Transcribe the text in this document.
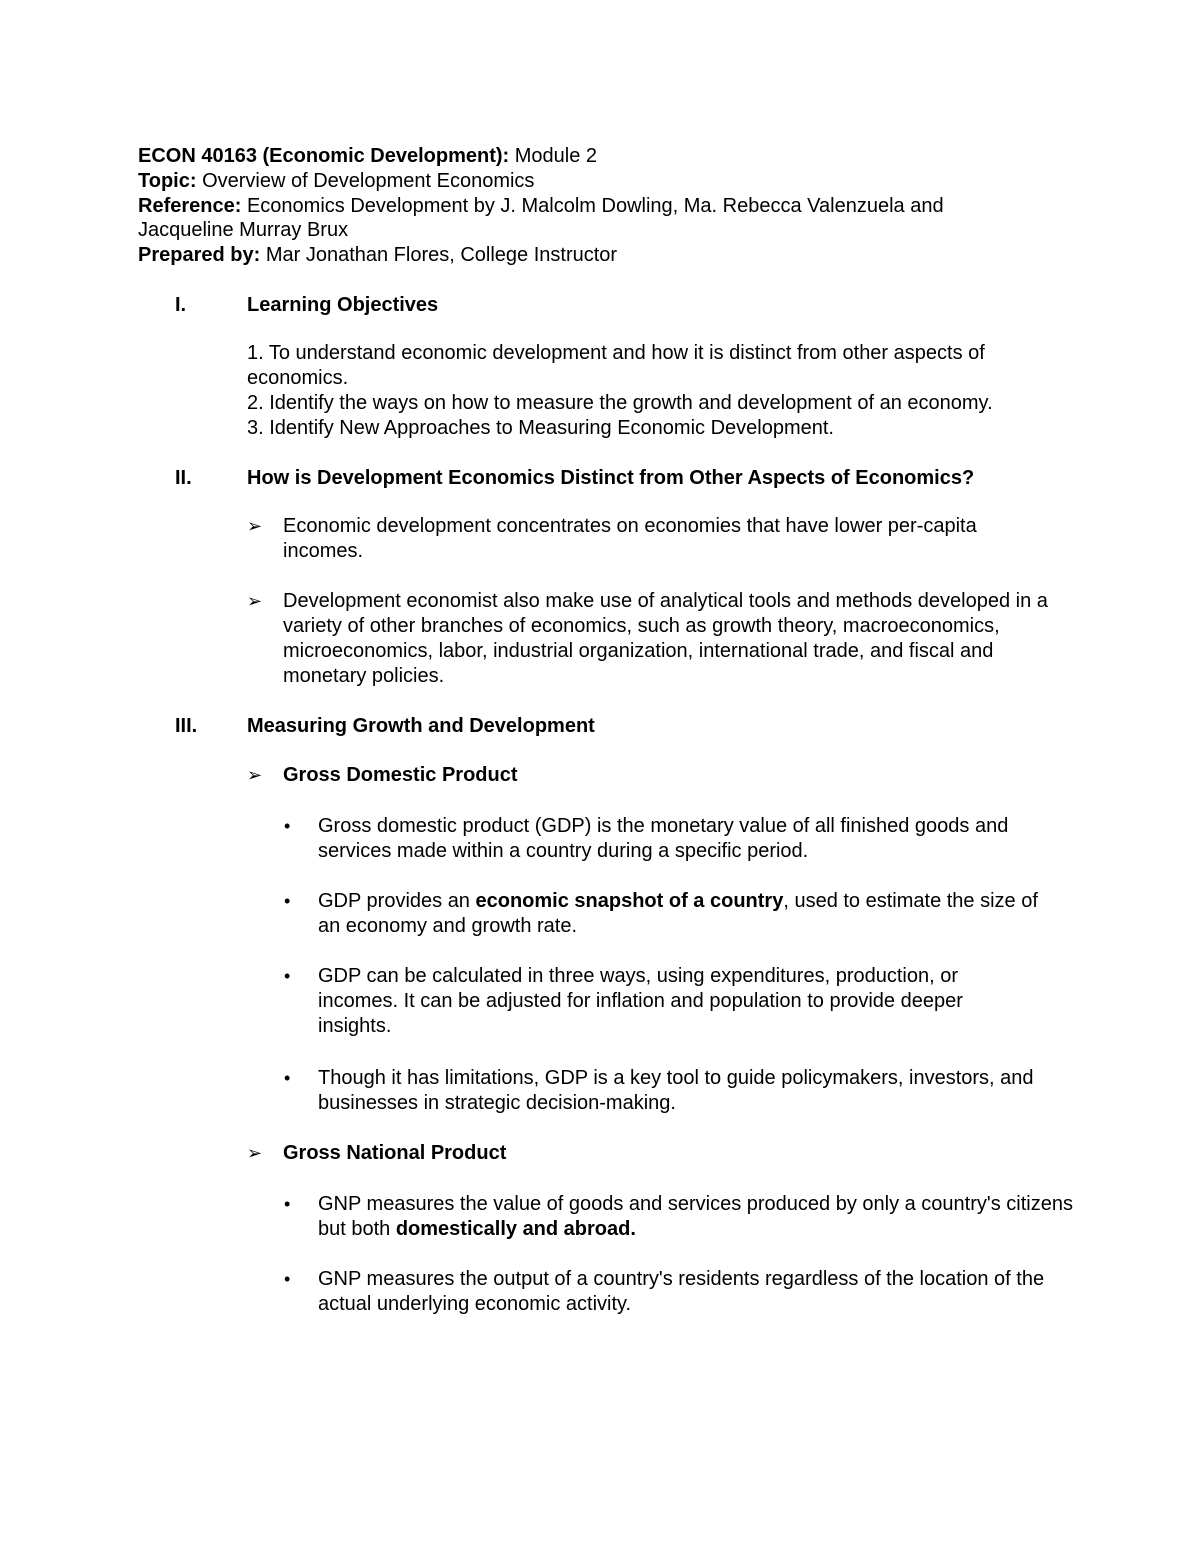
ECON 40163 (Economic Development): Module 2
Topic: Overview of Development Economics
Reference: Economics Development by J. Malcolm Dowling, Ma. Rebecca Valenzuela and
Jacqueline Murray Brux
Prepared by: Mar Jonathan Flores, College Instructor
I.	Learning Objectives
1. To understand economic development and how it is distinct from other aspects of economics.
2. Identify the ways on how to measure the growth and development of an economy.
3. Identify New Approaches to Measuring Economic Development.
II.	How is Development Economics Distinct from Other Aspects of Economics?
➢ Economic development concentrates on economies that have lower per-capita incomes.
➢ Development economist also make use of analytical tools and methods developed in a variety of other branches of economics, such as growth theory, macroeconomics, microeconomics, labor, industrial organization, international trade, and fiscal and monetary policies.
III. Measuring Growth and Development
➢ Gross Domestic Product
• Gross domestic product (GDP) is the monetary value of all finished goods and services made within a country during a specific period.
• GDP provides an economic snapshot of a country, used to estimate the size of an economy and growth rate.
• GDP can be calculated in three ways, using expenditures, production, or incomes. It can be adjusted for inflation and population to provide deeper insights.
• Though it has limitations, GDP is a key tool to guide policymakers, investors, and businesses in strategic decision-making.
➢ Gross National Product
• GNP measures the value of goods and services produced by only a country's citizens but both domestically and abroad.
• GNP measures the output of a country's residents regardless of the location of the actual underlying economic activity.
